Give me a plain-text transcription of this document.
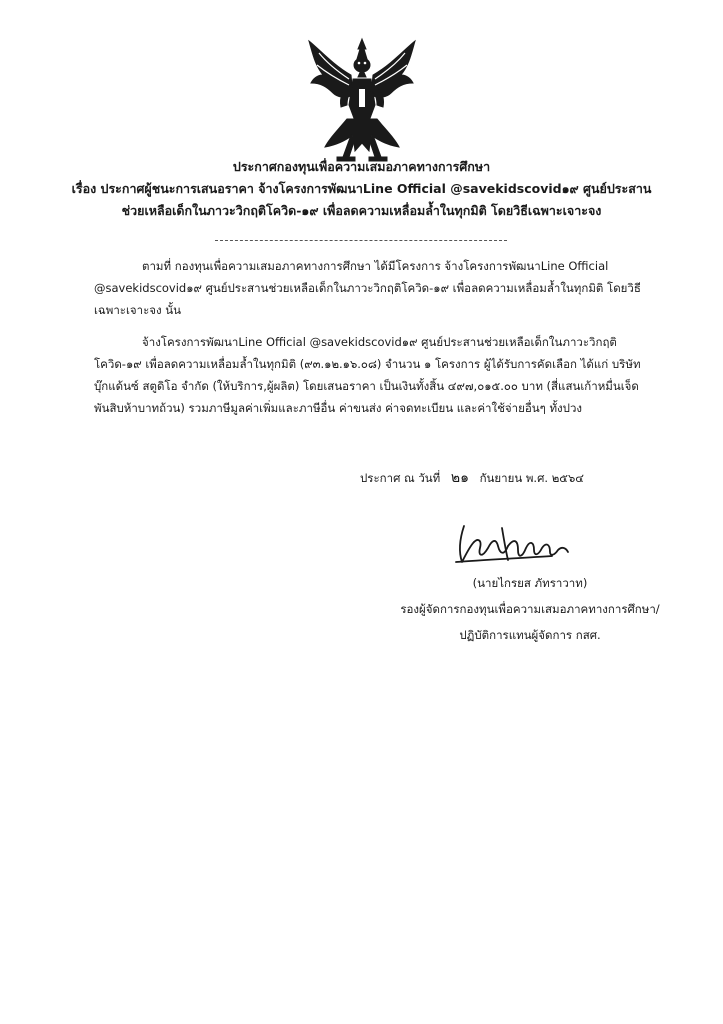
ประกาศกองทุนเพื่อความเสมอภาคทางการศึกษา

เรื่อง ประกาศผู้ชนะการเสนอราคา จ้างโครงการพัฒนาLine Official @savekidscovid๑๙ ศูนย์ประสาน

ช่วยเหลือเด็กในภาวะวิกฤติโควิด-๑๙ เพื่อลดความเหลื่อมล้ำในทุกมิติ โดยวิธีเฉพาะเจาะจง

ตามที่ กองทุนเพื่อความเสมอภาคทางการศึกษา ได้มีโครงการ จ้างโครงการพัฒนาLine Official
@savekidscovid๑๙ ศูนย์ประสานช่วยเหลือเด็กในภาวะวิกฤติโควิด-๑๙ เพื่อลดความเหลื่อมล้ำในทุกมิติ โดยวิธี
เฉพาะเจาะจง นั้น
จ้างโครงการพัฒนาLine Official @savekidscovid๑๙ ศูนย์ประสานช่วยเหลือเด็กในภาวะวิกฤติ
โควิด-๑๙ เพื่อลดความเหลื่อมล้ำในทุกมิติ (๙๓.๑๒.๑๖.๐๘) จำนวน ๑ โครงการ ผู้ได้รับการคัดเลือก ได้แก่ บริษัท
บุ๊กแด้นซ์ สตูดิโอ จำกัด (ให้บริการ,ผู้ผลิต) โดยเสนอราคา เป็นเงินทั้งสิ้น ๔๙๗,๐๑๕.๐๐ บาท (สี่แสนเก้าหมื่นเจ็ด
พันสิบห้าบาทถ้วน) รวมภาษีมูลค่าเพิ่มและภาษีอื่น ค่าขนส่ง ค่าจดทะเบียน และค่าใช้จ่ายอื่นๆ ทั้งปวง
ประกาศ ณ วันที่ ๒๑ กันยายน พ.ศ. ๒๕๖๔
(นายไกรยส ภัทราวาท)
รองผู้จัดการกองทุนเพื่อความเสมอภาคทางการศึกษา/
ปฏิบัติการแทนผู้จัดการ กสศ.
